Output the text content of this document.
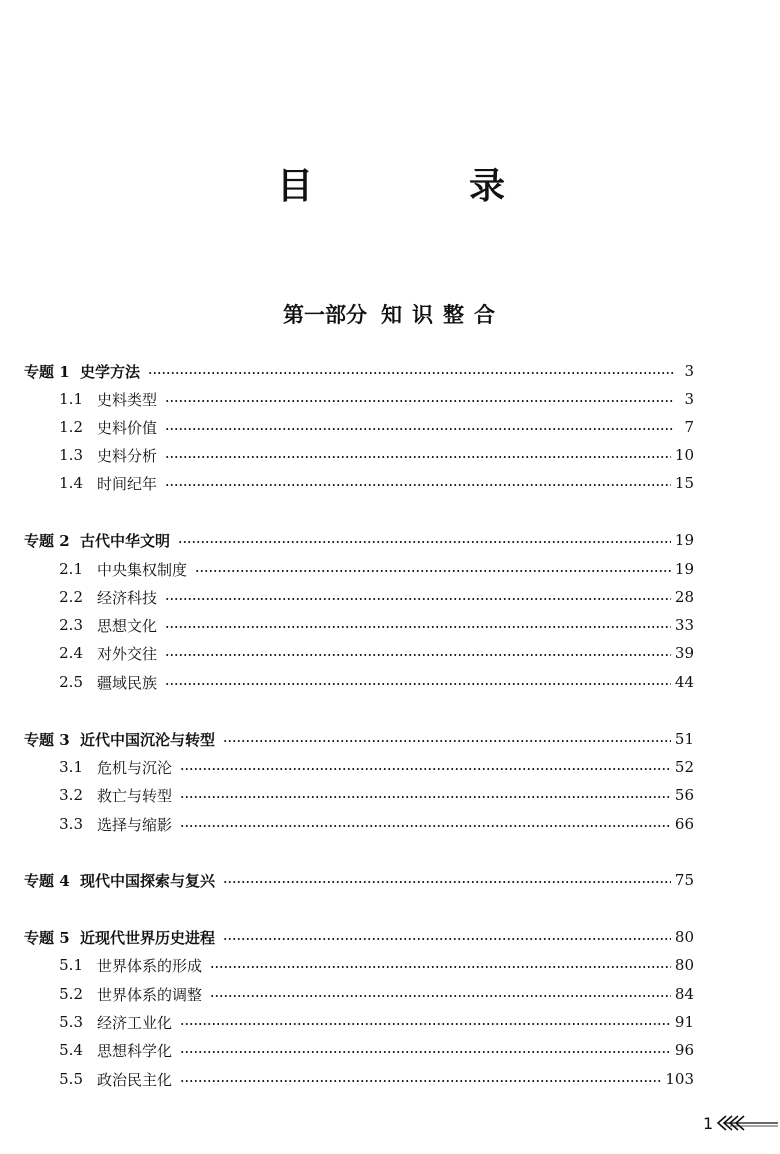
目　录
第一部分 知识整合
专题 1 史学方法	3
1.1 史料类型	3
1.2 史料价值	7
1.3 史料分析	10
1.4 时间纪年	15
专题 2 古代中华文明	19
2.1 中央集权制度	19
2.2 经济科技	28
2.3 思想文化	33
2.4 对外交往	39
2.5 疆域民族	44
专题 3 近代中国沉沦与转型	51
3.1 危机与沉沦	52
3.2 救亡与转型	56
3.3 选择与缩影	66
专题 4 现代中国探索与复兴	75
专题 5 近现代世界历史进程	80
5.1 世界体系的形成	80
5.2 世界体系的调整	84
5.3 经济工业化	91
5.4 思想科学化	96
5.5 政治民主化	103
1
